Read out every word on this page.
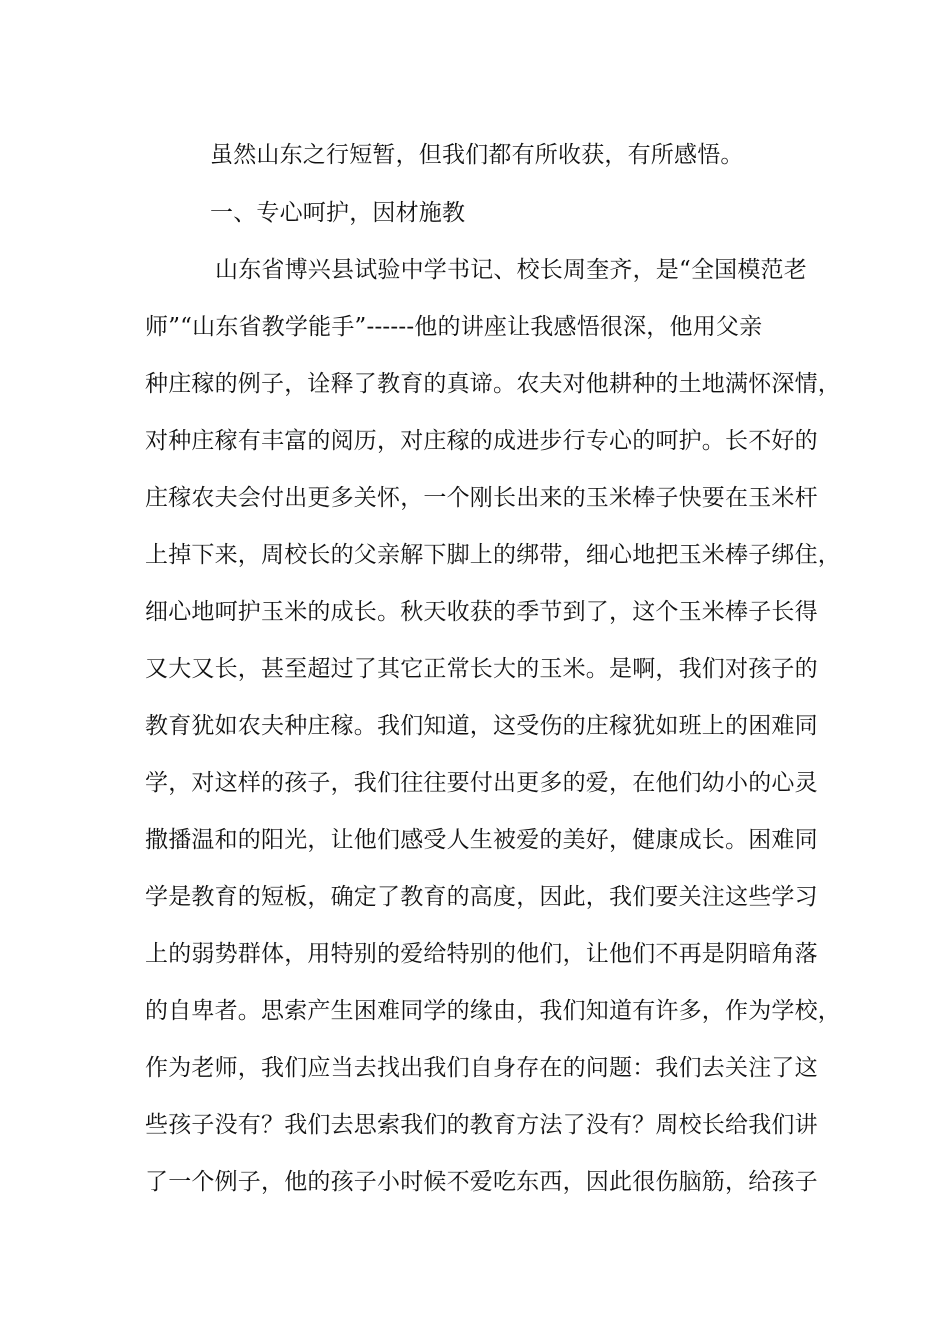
虽然山东之行短暂，但我们都有所收获，有所感悟。
一、专心呵护，因材施教
山东省博兴县试验中学书记、校长周奎齐，是“全国模范老
师”“山东省教学能手”------他的讲座让我感悟很深，他用父亲
种庄稼的例子，诠释了教育的真谛。农夫对他耕种的土地满怀深情，
对种庄稼有丰富的阅历，对庄稼的成进步行专心的呵护。长不好的
庄稼农夫会付出更多关怀，一个刚长出来的玉米棒子快要在玉米杆
上掉下来，周校长的父亲解下脚上的绑带，细心地把玉米棒子绑住，
细心地呵护玉米的成长。秋天收获的季节到了，这个玉米棒子长得
又大又长，甚至超过了其它正常长大的玉米。是啊，我们对孩子的
教育犹如农夫种庄稼。我们知道，这受伤的庄稼犹如班上的困难同
学，对这样的孩子，我们往往要付出更多的爱，在他们幼小的心灵
撒播温和的阳光，让他们感受人生被爱的美好，健康成长。困难同
学是教育的短板，确定了教育的高度，因此，我们要关注这些学习
上的弱势群体，用特别的爱给特别的他们，让他们不再是阴暗角落
的自卑者。思索产生困难同学的缘由，我们知道有许多，作为学校，
作为老师，我们应当去找出我们自身存在的问题：我们去关注了这
些孩子没有？我们去思索我们的教育方法了没有？周校长给我们讲
了一个例子，他的孩子小时候不爱吃东西，因此很伤脑筋，给孩子
